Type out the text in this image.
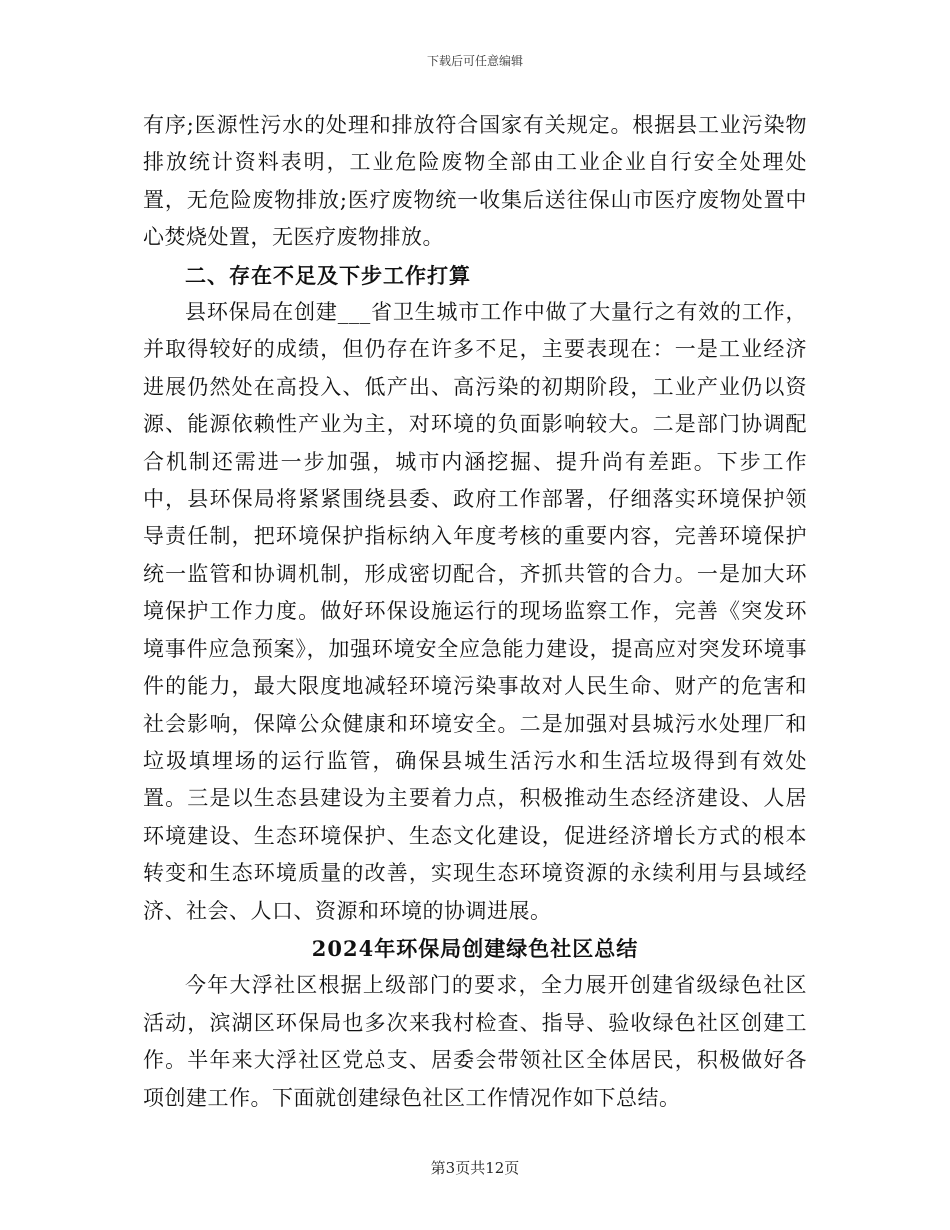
下载后可任意编辑

有序;医源性污水的处理和排放符合国家有关规定。根据县工业污染物排放统计资料表明，工业危险废物全部由工业企业自行安全处理处置，无危险废物排放;医疗废物统一收集后送往保山市医疗废物处置中心焚烧处置，无医疗废物排放。

二、存在不足及下步工作打算

县环保局在创建___省卫生城市工作中做了大量行之有效的工作，并取得较好的成绩，但仍存在许多不足，主要表现在：一是工业经济进展仍然处在高投入、低产出、高污染的初期阶段，工业产业仍以资源、能源依赖性产业为主，对环境的负面影响较大。二是部门协调配合机制还需进一步加强，城市内涵挖掘、提升尚有差距。下步工作中，县环保局将紧紧围绕县委、政府工作部署，仔细落实环境保护领导责任制，把环境保护指标纳入年度考核的重要内容，完善环境保护统一监管和协调机制，形成密切配合，齐抓共管的合力。一是加大环境保护工作力度。做好环保设施运行的现场监察工作，完善《突发环境事件应急预案》，加强环境安全应急能力建设，提高应对突发环境事件的能力，最大限度地减轻环境污染事故对人民生命、财产的危害和社会影响，保障公众健康和环境安全。二是加强对县城污水处理厂和垃圾填埋场的运行监管，确保县城生活污水和生活垃圾得到有效处置。三是以生态县建设为主要着力点，积极推动生态经济建设、人居环境建设、生态环境保护、生态文化建设，促进经济增长方式的根本转变和生态环境质量的改善，实现生态环境资源的永续利用与县域经济、社会、人口、资源和环境的协调进展。

2024年环保局创建绿色社区总结

今年大浮社区根据上级部门的要求，全力展开创建省级绿色社区活动，滨湖区环保局也多次来我村检查、指导、验收绿色社区创建工作。半年来大浮社区党总支、居委会带领社区全体居民，积极做好各项创建工作。下面就创建绿色社区工作情况作如下总结。

第3页共12页
